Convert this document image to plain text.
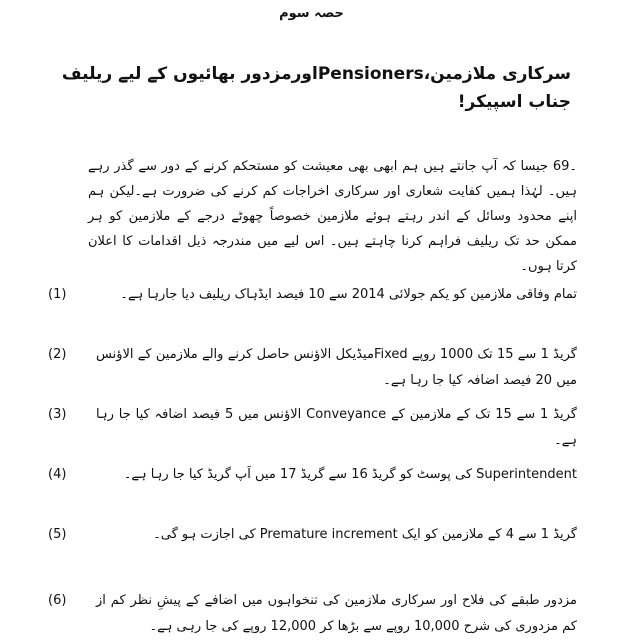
حصہ سوم
سرکاری ملازمین،Pensionersاورمزدور بھائیوں کے لیے ریلیف
جناب اسپیکر!
69۔ جیسا کہ آپ جانتے ہیں ہم ابھی بھی معیشت کو مستحکم کرنے کے دور سے گذر رہے ہیں۔ لہٰذا ہمیں کفایت شعاری اور سرکاری اخراجات کم کرنے کی ضرورت ہے۔لیکن ہم اپنے محدود وسائل کے اندر رہتے ہوئے ملازمین خصوصاً چھوٹے درجے کے ملازمین کو ہر ممکن حد تک ریلیف فراہم کرنا چاہتے ہیں۔ اس لیے میں مندرجہ ذیل اقدامات کا اعلان کرتا ہوں۔
(1)	تمام وفاقی ملازمین کو یکم جولائی 2014 سے 10 فیصد ایڈہاک ریلیف دیا جارہا ہے۔
(2)	گریڈ 1 سے 15 تک 1000 روپے Fixedمیڈیکل الاؤنس حاصل کرنے والے ملازمین کے الاؤنس میں 20 فیصد اضافہ کیا جا رہا ہے۔
(3)	گریڈ 1 سے 15 تک کے ملازمین کے Conveyance الاؤنس میں 5 فیصد اضافہ کیا جا رہا ہے۔
(4)	Superintendent کی پوسٹ کو گریڈ 16 سے گریڈ 17 میں اَپ گریڈ کیا جا رہا ہے۔
(5)	گریڈ 1 سے 4 کے ملازمین کو ایک Premature increment کی اجازت ہو گی۔
(6)	مزدور طبقے کی فلاح اور سرکاری ملازمین کی تنخواہوں میں اضافے کے پیشِ نظر کم از کم مزدوری کی شرح 10,000 روپے سے بڑھا کر 12,000 روپے کی جا رہی ہے۔
